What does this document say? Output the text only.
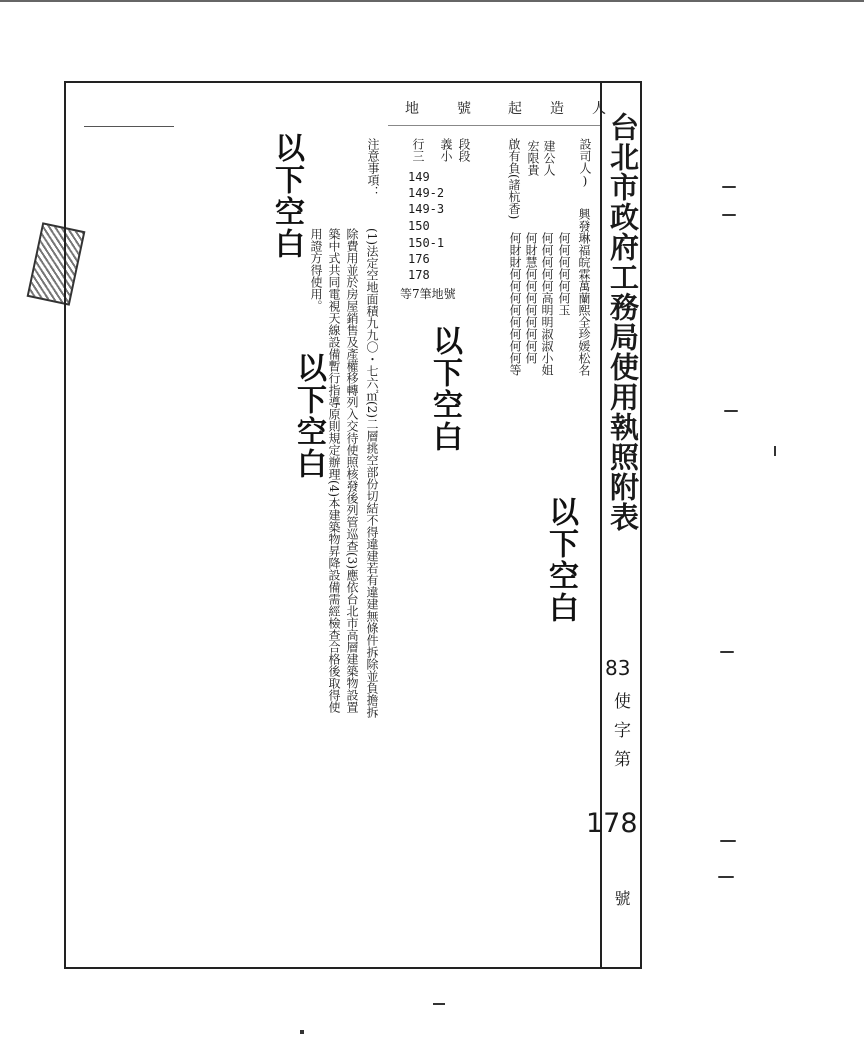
台北市政府工務局使用執照附表
83
使字第
178
號
起造人
地號
設司人)
興發琳福皖霖萬蘭熙全珍媛松名
何何何何何何玉
何何何何何高明明淑淑小姐
建公人
何財財何何何何何何何何等 何財慧何何何何何何何何
宏限貴
啟有負(諸杭香)
段段
義小
行三
149
149-2
149-3
150
150-1
176
178
等7筆地號
注意事項：
(1)法定空地面積九九〇・七六㎡(2)二層挑空部份切結不得違建若有違建無條件拆除並負擔拆
除費用並於房屋銷售及產權移轉列入交待使照核發後列管巡查(3)應依台北市高層建築物設置
築中式共同電視天線設備暫行指導原則規定辦理(4)本建築物昇降設備需經檢查合格後取得使
用證方得使用。
以下空白
以下空白
以下空白
以下空白
